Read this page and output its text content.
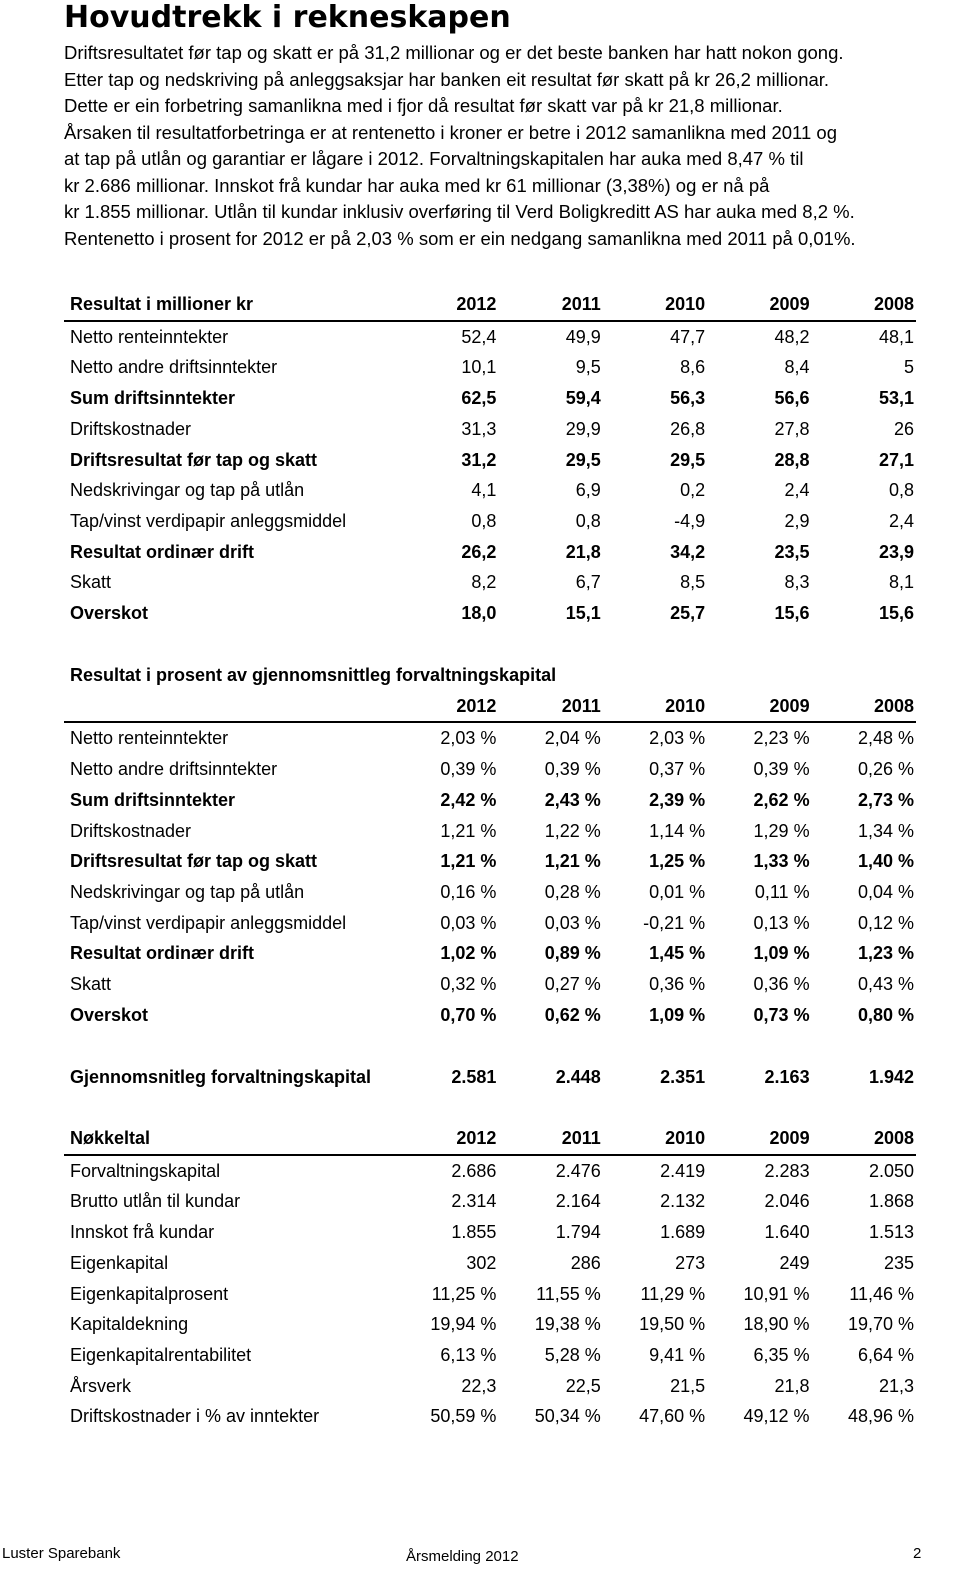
Hovudtrekk i rekneskapen

Driftsresultatet før tap og skatt er på 31,2 millionar og er det beste banken har hatt nokon gong.

Etter tap og nedskriving på anleggsaksjar har banken eit resultat før skatt på kr 26,2 millionar.

Dette er ein forbetring samanlikna med i fjor då resultat før skatt var på kr 21,8 millionar.

Årsaken til resultatforbetringa er at rentenetto i kroner er betre i 2012 samanlikna med 2011 og

at tap på utlån og garantiar er lågare i 2012. Forvaltningskapitalen har auka med 8,47 % til

kr 2.686 millionar. Innskot frå kundar har auka med kr 61 millionar (3,38%) og er nå på

kr 1.855 millionar. Utlån til kundar inklusiv overføring til Verd Boligkreditt AS har auka med 8,2 %.

Rentenetto i prosent for 2012 er på 2,03 % som er ein nedgang samanlikna med 2011 på 0,01%.

Resultat i millioner kr	2012	2011	2010	2009	2008
Netto renteinntekter	52,4	49,9	47,7	48,2	48,1
Netto andre driftsinntekter	10,1	9,5	8,6	8,4	5
Sum driftsinntekter	62,5	59,4	56,3	56,6	53,1
Driftskostnader	31,3	29,9	26,8	27,8	26
Driftsresultat før tap og skatt	31,2	29,5	29,5	28,8	27,1
Nedskrivingar og tap på utlån	4,1	6,9	0,2	2,4	0,8
Tap/vinst verdipapir anleggsmiddel	0,8	0,8	-4,9	2,9	2,4
Resultat ordinær drift	26,2	21,8	34,2	23,5	23,9
Skatt	8,2	6,7	8,5	8,3	8,1
Overskot	18,0	15,1	25,7	15,6	15,6
Resultat i prosent av gjennomsnittleg forvaltningskapital					
	2012	2011	2010	2009	2008
Netto renteinntekter	2,03 %	2,04 %	2,03 %	2,23 %	2,48 %
Netto andre driftsinntekter	0,39 %	0,39 %	0,37 %	0,39 %	0,26 %
Sum driftsinntekter	2,42 %	2,43 %	2,39 %	2,62 %	2,73 %
Driftskostnader	1,21 %	1,22 %	1,14 %	1,29 %	1,34 %
Driftsresultat før tap og skatt	1,21 %	1,21 %	1,25 %	1,33 %	1,40 %
Nedskrivingar og tap på utlån	0,16 %	0,28 %	0,01 %	0,11 %	0,04 %
Tap/vinst verdipapir anleggsmiddel	0,03 %	0,03 %	-0,21 %	0,13 %	0,12 %
Resultat ordinær drift	1,02 %	0,89 %	1,45 %	1,09 %	1,23 %
Skatt	0,32 %	0,27 %	0,36 %	0,36 %	0,43 %
Overskot	0,70 %	0,62 %	1,09 %	0,73 %	0,80 %
Gjennomsnitleg forvaltningskapital	2.581	2.448	2.351	2.163	1.942
Nøkkeltal	2012	2011	2010	2009	2008
Forvaltningskapital	2.686	2.476	2.419	2.283	2.050
Brutto utlån til kundar	2.314	2.164	2.132	2.046	1.868
Innskot frå kundar	1.855	1.794	1.689	1.640	1.513
Eigenkapital	302	286	273	249	235
Eigenkapitalprosent	11,25 %	11,55 %	11,29 %	10,91 %	11,46 %
Kapitaldekning	19,94 %	19,38 %	19,50 %	18,90 %	19,70 %
Eigenkapitalrentabilitet	6,13 %	5,28 %	9,41 %	6,35 %	6,64 %
Årsverk	22,3	22,5	21,5	21,8	21,3
Driftskostnader i % av inntekter	50,59 %	50,34 %	47,60 %	49,12 %	48,96 %
Luster Sparebank	Årsmelding 2012	2
